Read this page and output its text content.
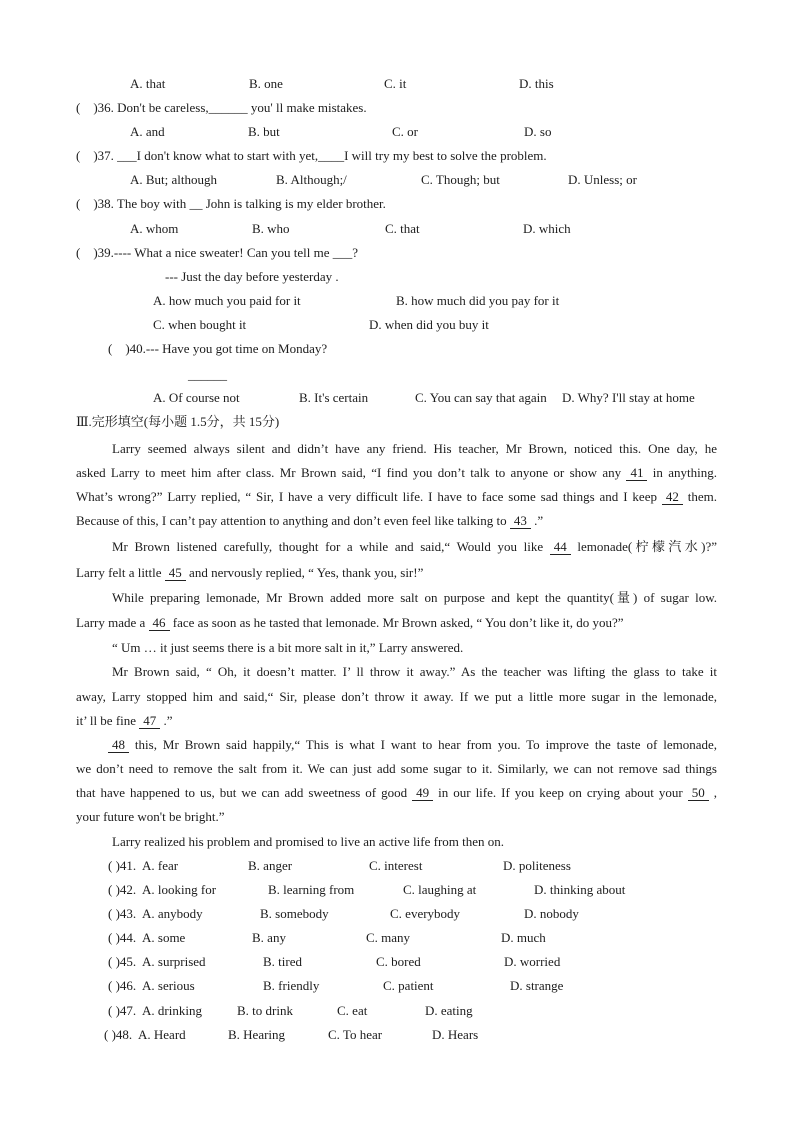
A. that	B. one	C. it	D. this
(    )36. Don't be careless,______ you' ll make mistakes.
A. and	B. but	C. or	D. so
(    )37. ___I don't know what to start with yet,____I will try my best to solve the problem.
A. But; although	B. Although;/	C. Though; but	D. Unless; or
(    )38. The boy with __ John is talking is my elder brother.
A. whom	B. who	C. that	D. which
(    )39.---- What a nice sweater! Can you tell me ___?
--- Just the day before yesterday .
A. how much you paid for it	B. how much did you pay for it
C. when bought it	D. when did you buy it
(    )40.--- Have you got time on Monday?
______
A. Of course not	B. It's certain	C. You can say that again D. Why? I'll stay at home
Ⅲ.完形填空(每小题 1.5分，共 15分)
Larry seemed always silent and didn’t have any friend. His teacher, Mr Brown, noticed this. One day, he
asked Larry to meet him after class. Mr Brown said, “I find you don’t talk to anyone or show any 41 in anything.
What’s wrong?” Larry replied, “ Sir, I have a very difficult life. I have to face some sad things and I keep 42 them.
Because of this, I can’t pay attention to anything and don’t even feel like talking to 43 .”
Mr Brown listened carefully, thought for a while and said,“ Would you like 44 lemonade(柠檬汽水)?”
Larry felt a little 45 and nervously replied, “ Yes, thank you, sir!”
While preparing lemonade, Mr Brown added more salt on purpose and kept the quantity(量) of sugar low.
Larry made a 46 face as soon as he tasted that lemonade. Mr Brown asked, “ You don’t like it, do you?”
“ Um … it just seems there is a bit more salt in it,” Larry answered.
Mr Brown said, “ Oh, it doesn’t matter. I’ ll throw it away.” As the teacher was lifting the glass to take it
away, Larry stopped him and said,“ Sir, please don’t throw it away. If we put a little more sugar in the lemonade,
it’ ll be fine 47 .”
48 this, Mr Brown said happily,“ This is what I want to hear from you. To improve the taste of lemonade,
we don’t need to remove the salt from it. We can just add some sugar to it. Similarly, we can not remove sad things
that have happened to us, but we can add sweetness of good 49 in our life. If you keep on crying about your 50 ,
your future won't be bright.”
Larry realized his problem and promised to live an active life from then on.
( )41. A. fear	B. anger	C. interest	D. politeness
( )42. A. looking for	B. learning from	C. laughing at	D. thinking about
( )43. A. anybody	B. somebody	C. everybody	D. nobody
( )44. A. some	B. any	C. many	D. much
( )45. A. surprised	B. tired	C. bored	D. worried
( )46. A. serious	B. friendly	C. patient	D. strange
( )47. A. drinking	B. to drink	C. eat	D. eating
( )48. A. Heard	B. Hearing	C. To hear	D. Hears
